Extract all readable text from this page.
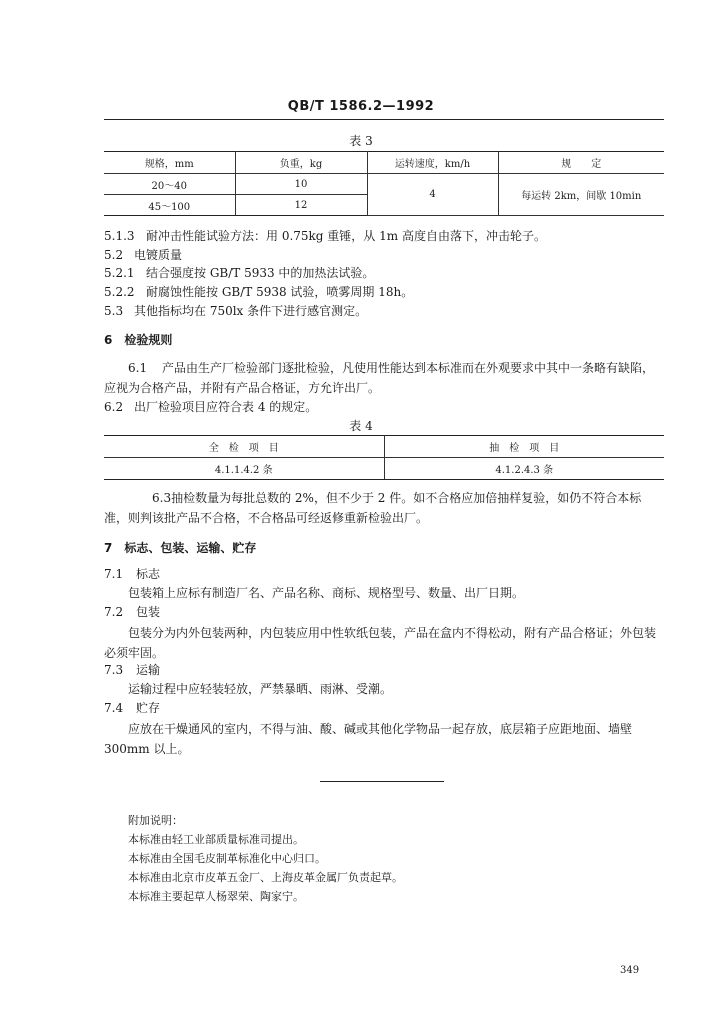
QB/T 1586.2—1992
表 3
规格，mm	负重，kg	运转速度，km/h	规　　定
20～40	10	4	每运转 2km，间歇 10min
45～100	12		
5.1.3 耐冲击性能试验方法：用 0.75kg 重锤，从 1m 高度自由落下，冲击轮子。
5.2 电镀质量
5.2.1 结合强度按 GB/T 5933 中的加热法试验。
5.2.2 耐腐蚀性能按 GB/T 5938 试验，喷雾周期 18h。
5.3 其他指标均在 750lx 条件下进行感官测定。
6　检验规则
6.1 产品由生产厂检验部门逐批检验，凡使用性能达到本标准而在外观要求中其中一条略有缺陷，应视为合格产品，并附有产品合格证，方允许出厂。
6.2 出厂检验项目应符合表 4 的规定。
表 4
全　检　项　目	抽　检　项　目
4.1.1.4.2 条	4.1.2.4.3 条
6.3抽检数量为每批总数的 2%，但不少于 2 件。如不合格应加倍抽样复验，如仍不符合本标准，则判该批产品不合格，不合格品可经返修重新检验出厂。
7　标志、包装、运输、贮存
7.1 标志
包装箱上应标有制造厂名、产品名称、商标、规格型号、数量、出厂日期。
7.2 包装
包装分为内外包装两种，内包装应用中性软纸包装，产品在盒内不得松动，附有产品合格证；外包装必须牢固。
7.3 运输
运输过程中应轻装轻放，严禁暴晒、雨淋、受潮。
7.4 贮存
应放在干燥通风的室内，不得与油、酸、碱或其他化学物品一起存放，底层箱子应距地面、墙壁 300mm 以上。
附加说明：
本标准由轻工业部质量标准司提出。
本标准由全国毛皮制革标准化中心归口。
本标准由北京市皮革五金厂、上海皮革金属厂负责起草。
本标准主要起草人杨翠荣、陶家宁。
349
